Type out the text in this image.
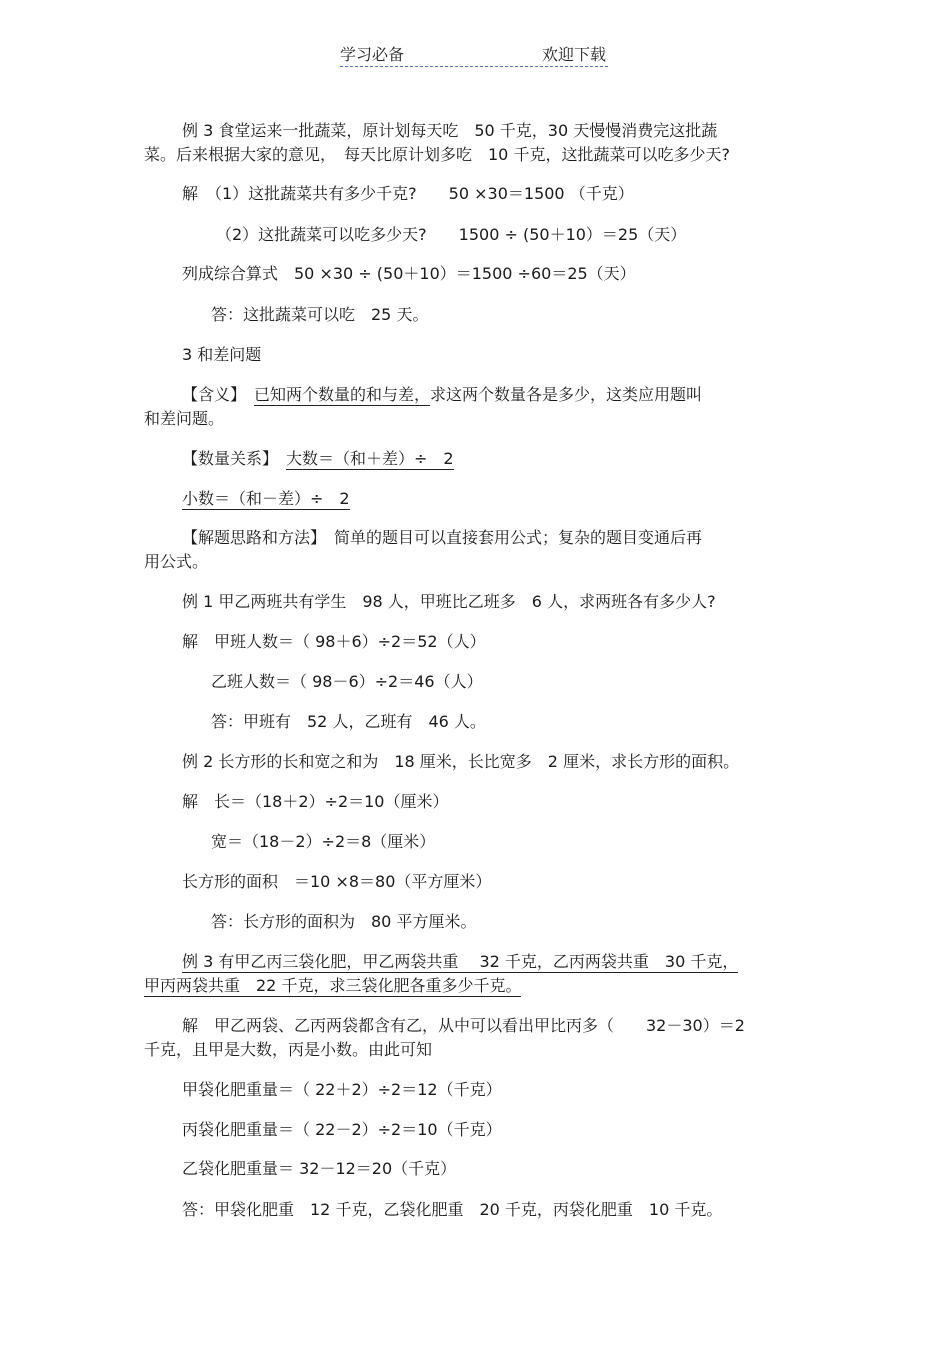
学习必备	欢迎下载

例 3 食堂运来一批蔬菜，原计划每天吃　50 千克，30 天慢慢消费完这批蔬

菜。后来根据大家的意见，　每天比原计划多吃　10 千克，这批蔬菜可以吃多少天?

解　（1）这批蔬菜共有多少千克?　　50 ×30＝1500 （千克）

（2）这批蔬菜可以吃多少天?　　1500 ÷ (50＋10）＝25（天）

列成综合算式　50 ×30 ÷ (50＋10）＝1500 ÷60＝25（天）

答：这批蔬菜可以吃　25 天。

3 和差问题

【含义】　已知两个数量的和与差，求这两个数量各是多少，这类应用题叫

和差问题。

【数量关系】　大数＝（和＋差）÷　2

小数＝（和－差）÷　2

【解题思路和方法】　简单的题目可以直接套用公式；复杂的题目变通后再

用公式。

例 1 甲乙两班共有学生　98 人，甲班比乙班多　6 人，求两班各有多少人?

解　甲班人数＝（ 98＋6）÷2＝52（人）

乙班人数＝（ 98－6）÷2＝46（人）

答：甲班有　52 人，乙班有　46 人。

例 2 长方形的长和宽之和为　18 厘米，长比宽多　2 厘米，求长方形的面积。

解　长＝（18＋2）÷2＝10（厘米）

宽＝（18－2）÷2＝8（厘米）

长方形的面积　＝10 ×8＝80（平方厘米）

答：长方形的面积为　80 平方厘米。

例 3 有甲乙丙三袋化肥，甲乙两袋共重　 32 千克，乙丙两袋共重　30 千克，

甲丙两袋共重　22 千克，求三袋化肥各重多少千克。

解　甲乙两袋、乙丙两袋都含有乙，从中可以看出甲比丙多（　　32－30）＝2

千克，且甲是大数，丙是小数。由此可知

甲袋化肥重量＝（ 22＋2）÷2＝12（千克）

丙袋化肥重量＝（ 22－2）÷2＝10（千克）

乙袋化肥重量＝ 32－12＝20（千克）

答：甲袋化肥重　12 千克，乙袋化肥重　20 千克，丙袋化肥重　10 千克。
